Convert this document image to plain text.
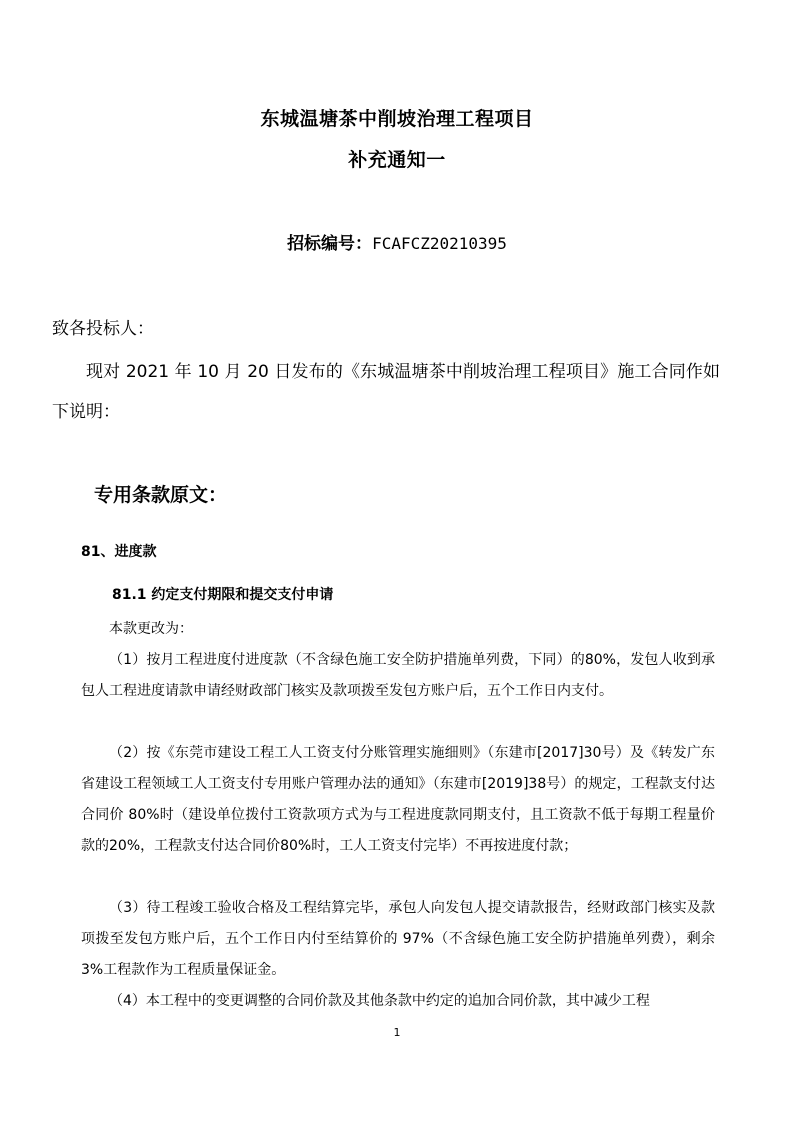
东城温塘茶中削坡治理工程项目
补充通知一
招标编号：FCAFCZ20210395
致各投标人：
现对 2021 年 10 月 20 日发布的《东城温塘茶中削坡治理工程项目》施工合同作如下说明：
专用条款原文：
81、进度款
81.1 约定支付期限和提交支付申请
本款更改为：
（1）按月工程进度付进度款（不含绿色施工安全防护措施单列费，下同）的80%，发包人收到承包人工程进度请款申请经财政部门核实及款项拨至发包方账户后，五个工作日内支付。
（2）按《东莞市建设工程工人工资支付分账管理实施细则》（东建市[2017]30号）及《转发广东省建设工程领域工人工资支付专用账户管理办法的通知》（东建市[2019]38号）的规定，工程款支付达合同价 80%时（建设单位拨付工资款项方式为与工程进度款同期支付，且工资款不低于每期工程量价款的20%，工程款支付达合同价80%时，工人工资支付完毕）不再按进度付款；
（3）待工程竣工验收合格及工程结算完毕，承包人向发包人提交请款报告，经财政部门核实及款项拨至发包方账户后，五个工作日内付至结算价的 97%（不含绿色施工安全防护措施单列费），剩余 3%工程款作为工程质量保证金。
（4）本工程中的变更调整的合同价款及其他条款中约定的追加合同价款，其中减少工程
1
